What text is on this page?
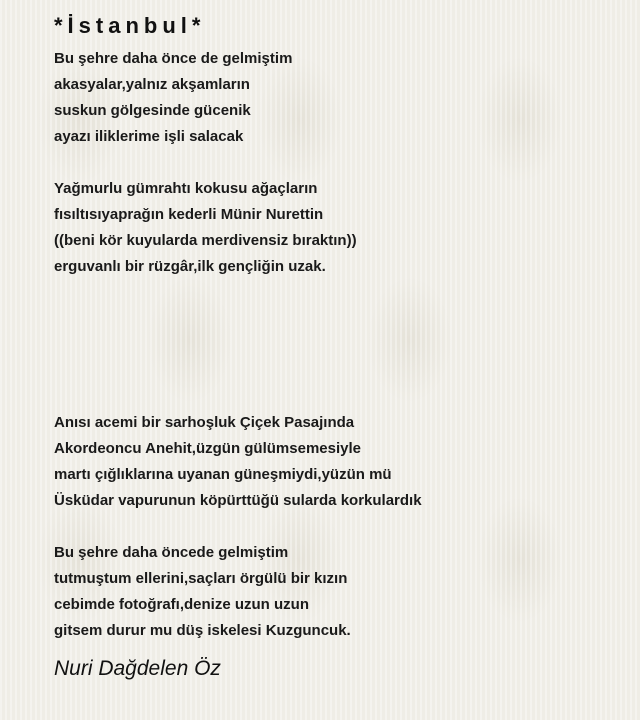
*İstanbul*
Bu şehre daha önce de gelmiştim
akasyalar,yalnız akşamların
suskun gölgesinde gücenik
ayazı iliklerime işli salacak
Yağmurlu gümrahtı kokusu ağaçların
fısıltısıyaprağın kederli Münir Nurettin
((beni kör kuyularda merdivensiz bıraktın))
erguvanlı bir rüzgâr,ilk gençliğin uzak.
Anısı acemi bir sarhoşluk Çiçek Pasajında
Akordeoncu Anehit,üzgün gülümsemesiyle
martı çığlıklarına uyanan güneşmiydi,yüzün mü
Üsküdar vapurunun köpürttüğü sularda korkulardık
Bu şehre daha öncede gelmiştim
tutmuştum ellerini,saçları örgülü bir kızın
cebimde fotoğrafı,denize uzun uzun
gitsem durur mu düş iskelesi Kuzguncuk.
Nuri Dağdelen Öz
